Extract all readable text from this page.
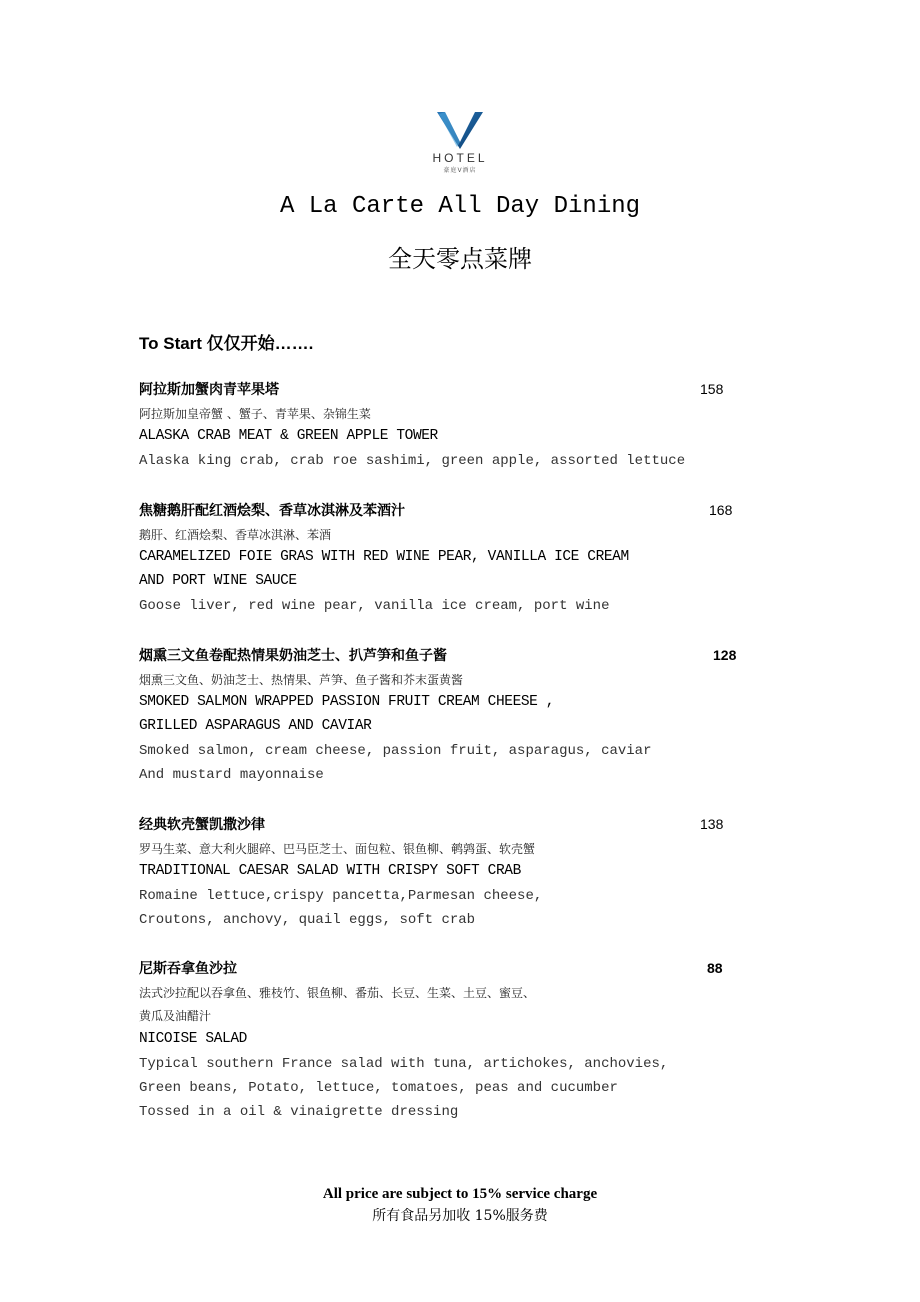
HOTEL
豪庭V酒店
A La Carte All Day Dining
全天零点菜牌
To Start 仅仅开始…….
阿拉斯加蟹肉青苹果塔	158
阿拉斯加皇帝蟹 、蟹子、青苹果、杂锦生菜
ALASKA CRAB MEAT & GREEN APPLE TOWER
Alaska king crab, crab roe sashimi, green apple, assorted lettuce
焦糖鹅肝配红酒烩梨、香草冰淇淋及苯酒汁	168
鹅肝、红酒烩梨、香草冰淇淋、苯酒
CARAMELIZED FOIE GRAS WITH RED WINE PEAR, VANILLA ICE CREAM
AND PORT WINE SAUCE
Goose liver, red wine pear, vanilla ice cream, port wine
烟熏三文鱼卷配热情果奶油芝士、扒芦笋和鱼子酱	128
烟熏三文鱼、奶油芝士、热情果、芦笋、鱼子酱和芥末蛋黄酱
SMOKED SALMON WRAPPED PASSION FRUIT CREAM CHEESE ,
GRILLED ASPARAGUS AND CAVIAR
Smoked salmon, cream cheese, passion fruit, asparagus, caviar
And mustard mayonnaise
经典软壳蟹凯撒沙律	138
罗马生菜、意大利火腿碎、巴马臣芝士、面包粒、银鱼柳、鹌鹑蛋、软壳蟹
TRADITIONAL CAESAR SALAD WITH CRISPY SOFT CRAB
Romaine lettuce,crispy pancetta,Parmesan cheese,
Croutons, anchovy, quail eggs, soft crab
尼斯吞拿鱼沙拉	88
法式沙拉配以吞拿鱼、雅枝竹、银鱼柳、番茄、长豆、生菜、土豆、蜜豆、
黄瓜及油醋汁
NICOISE SALAD
Typical southern France salad with tuna, artichokes, anchovies,
Green beans, Potato, lettuce, tomatoes, peas and cucumber
Tossed in a oil & vinaigrette dressing
All price are subject to 15% service charge
所有食品另加收 15%服务费
